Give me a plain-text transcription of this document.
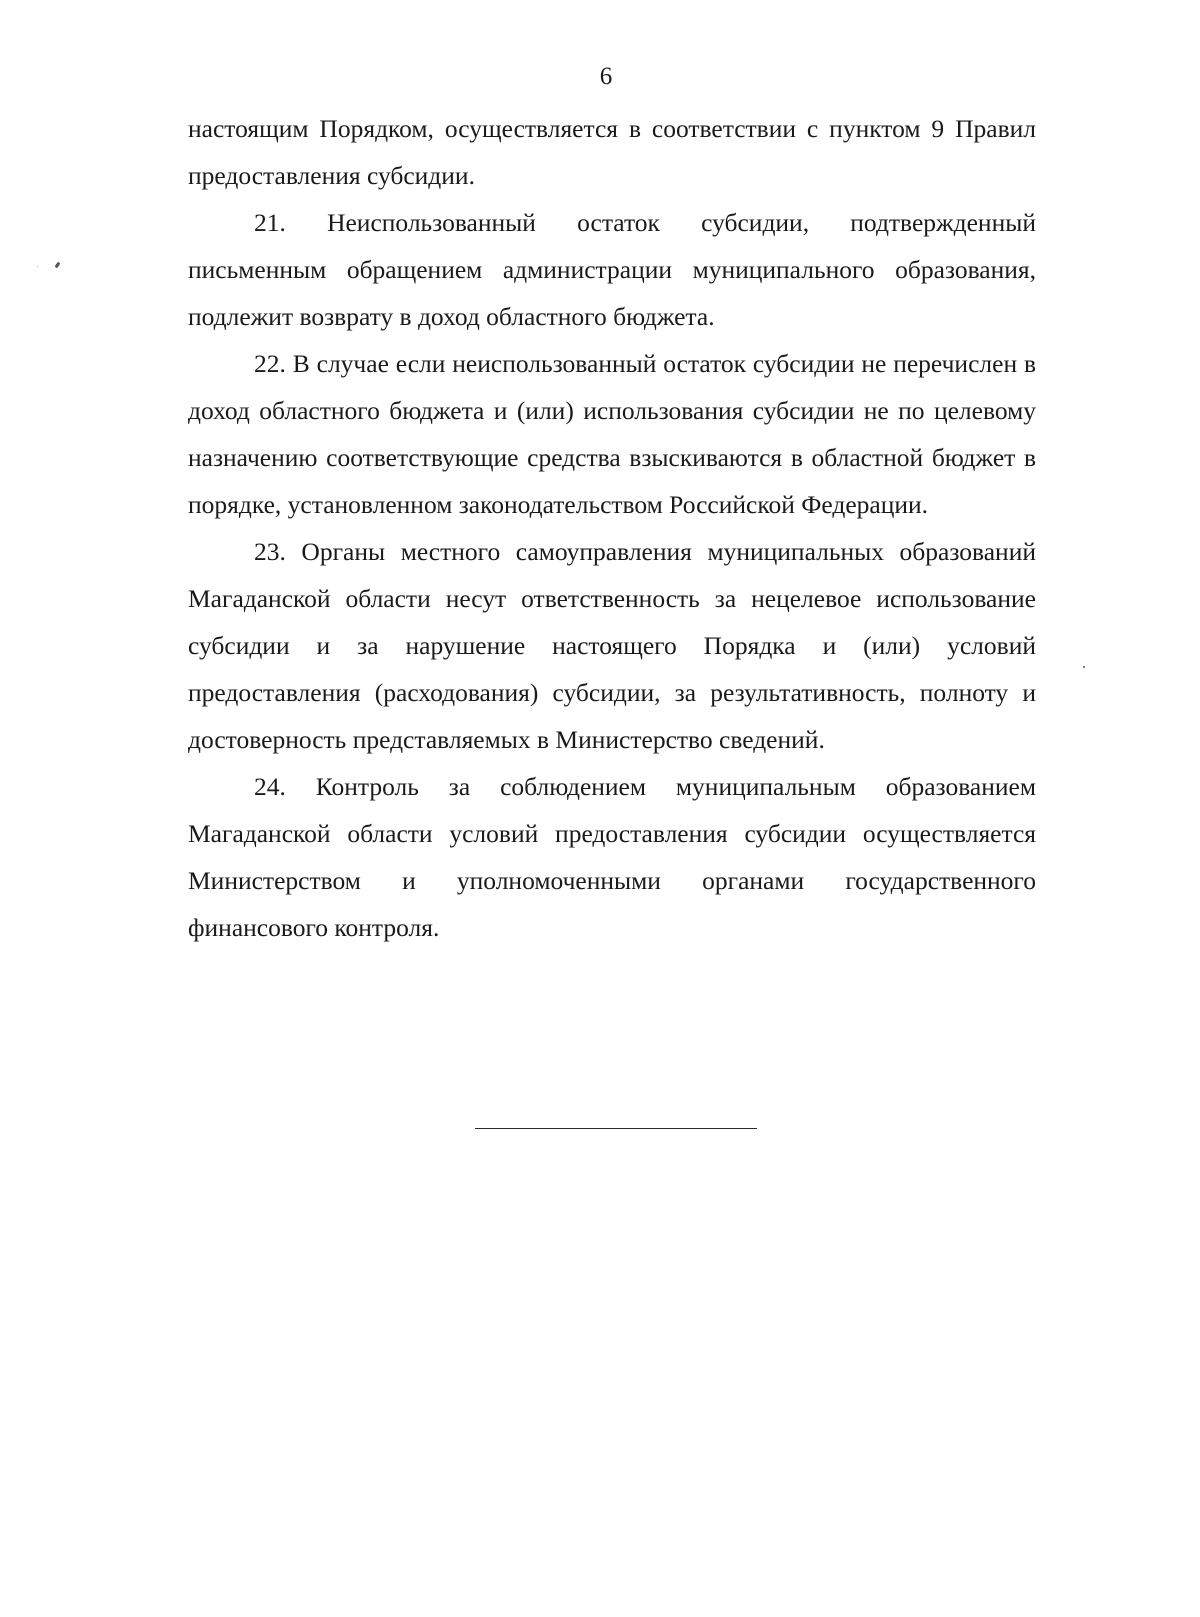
6

настоящим Порядком, осуществляется в соответствии с пунктом 9 Правил предоставления субсидии.

21. Неиспользованный остаток субсидии, подтвержденный письменным обращением администрации муниципального образования, подлежит возврату в доход областного бюджета.

22. В случае если неиспользованный остаток субсидии не перечислен в доход областного бюджета и (или) использования субсидии не по целевому назначению соответствующие средства взыскиваются в областной бюджет в порядке, установленном законодательством Российской Федерации.

23. Органы местного самоуправления муниципальных образований Магаданской области несут ответственность за нецелевое использование субсидии и за нарушение настоящего Порядка и (или) условий предоставления (расходования) субсидии, за результативность, полноту и достоверность представляемых в Министерство сведений.

24. Контроль за соблюдением муниципальным образованием Магаданской области условий предоставления субсидии осуществляется Министерством и уполномоченными органами государственного финансового контроля.
